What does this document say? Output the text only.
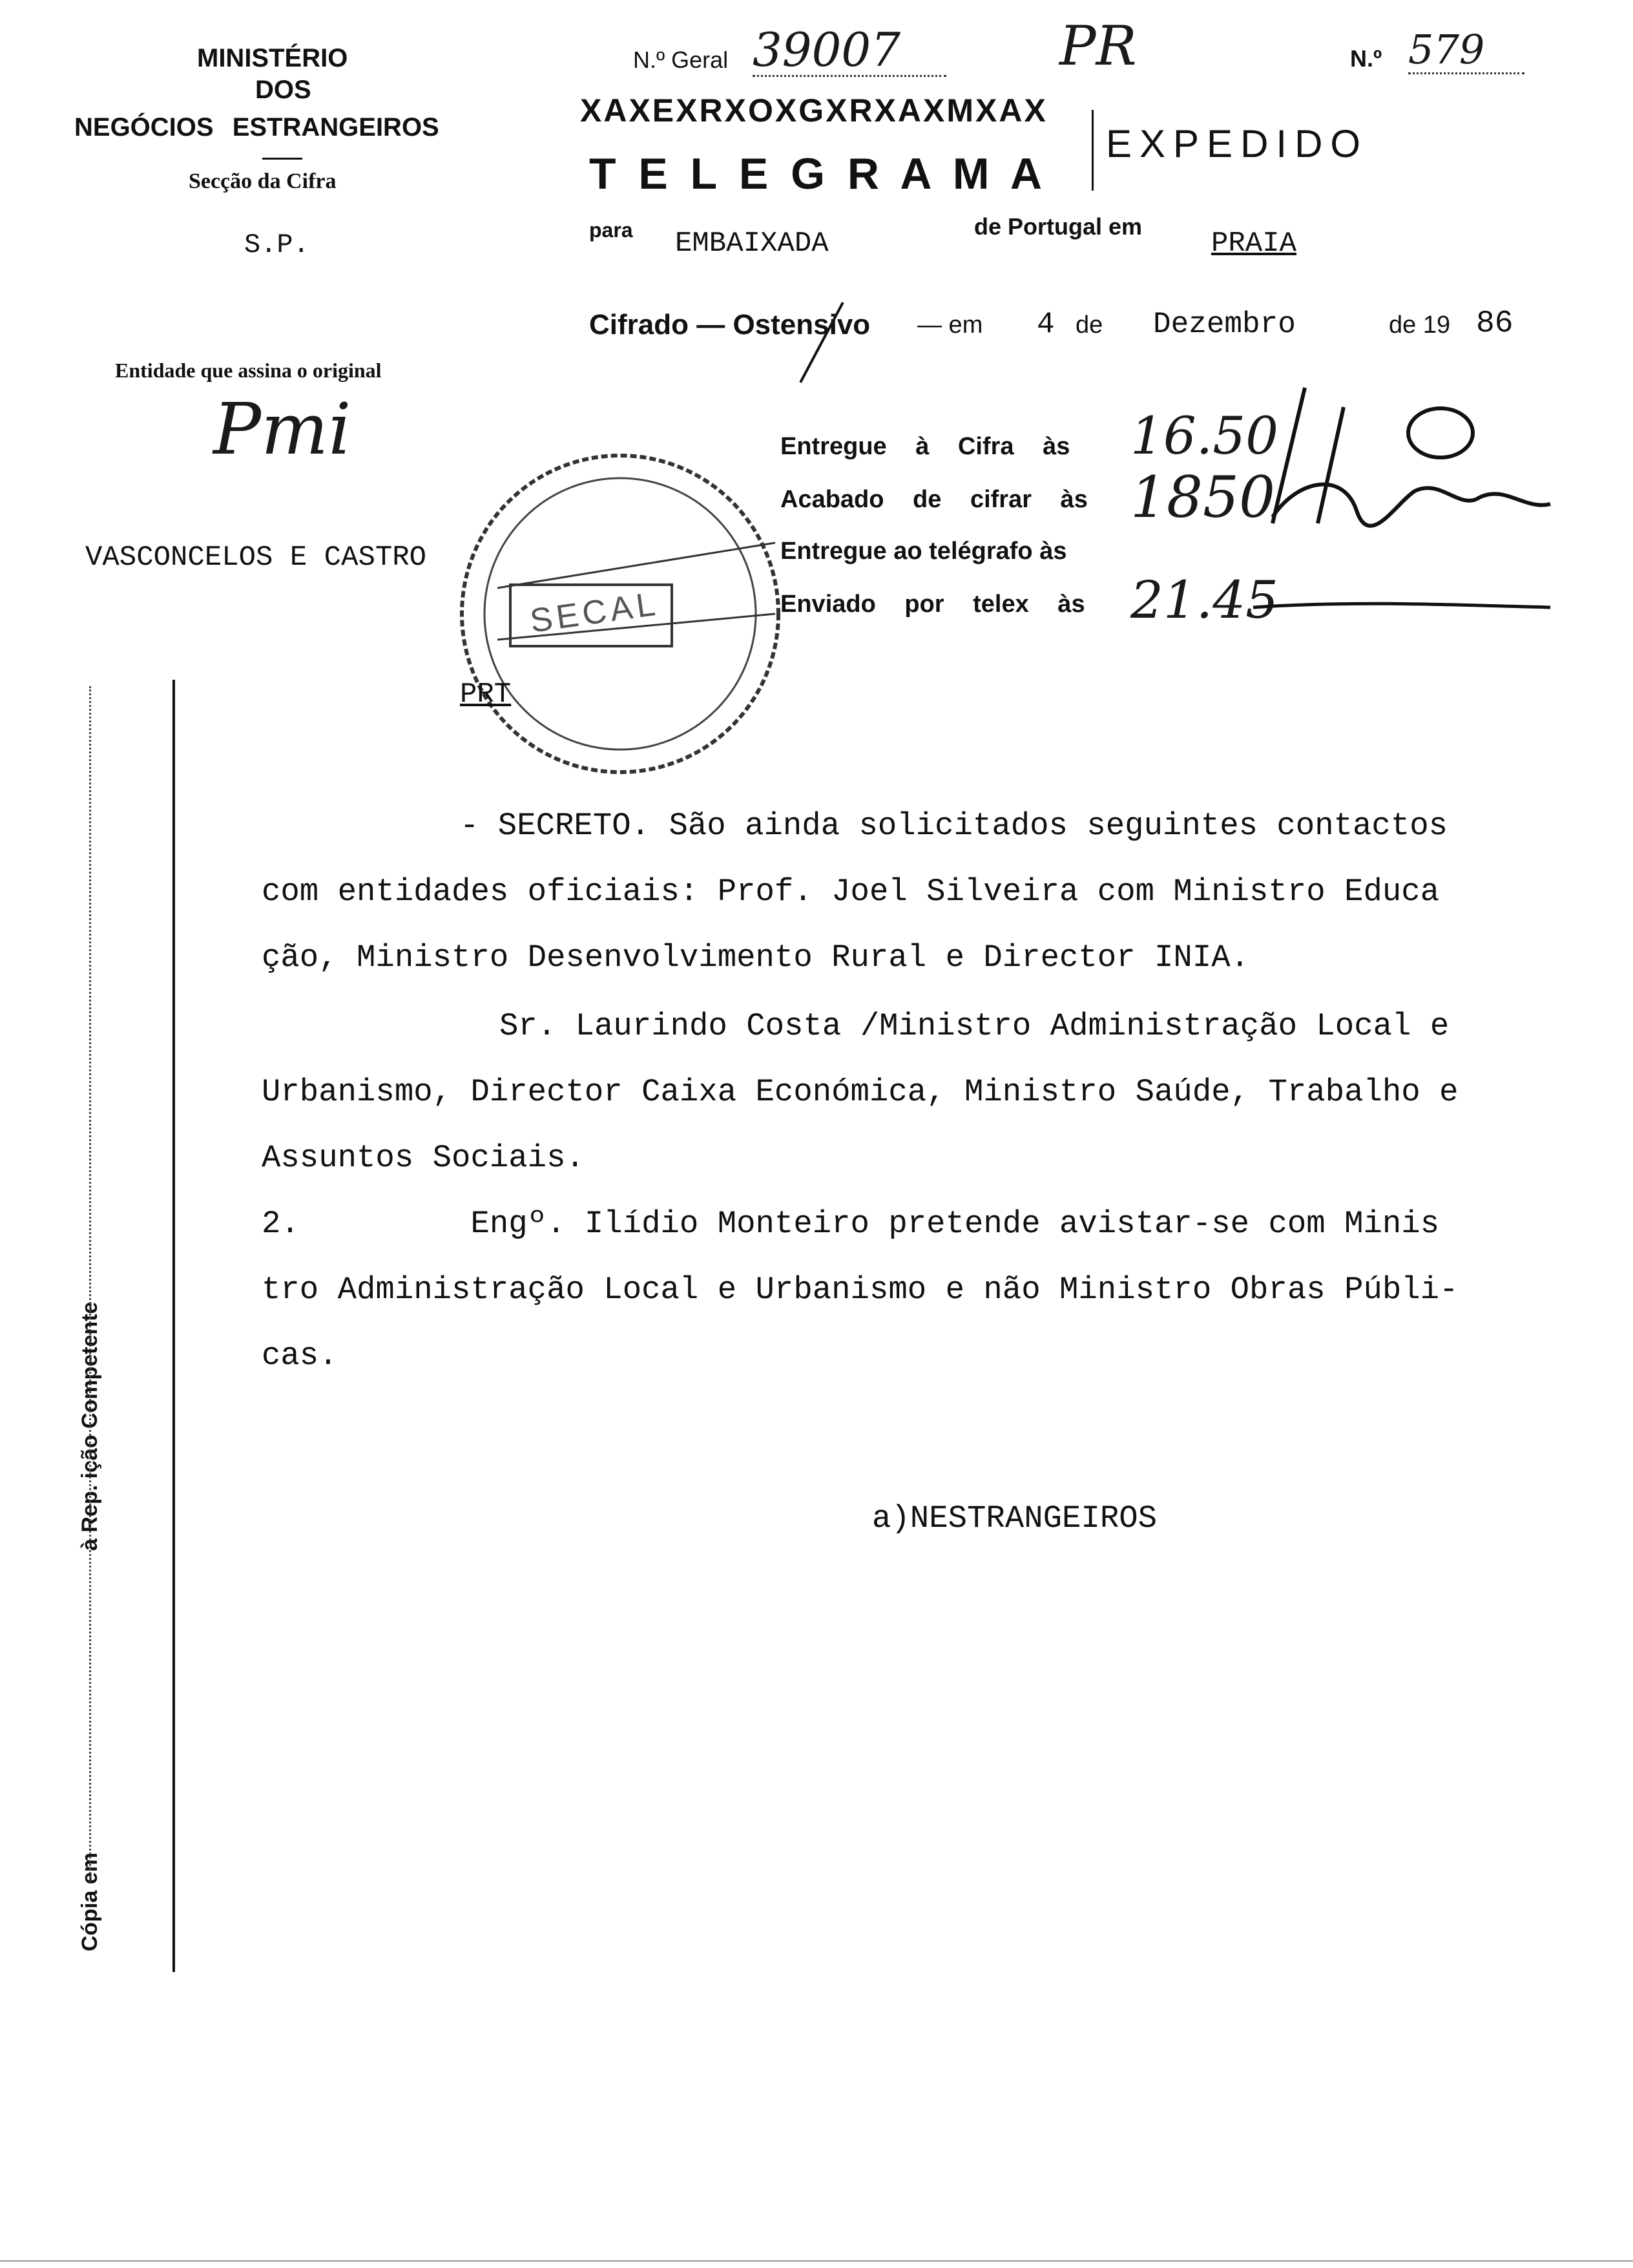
MINISTÉRIO
DOS
NEGÓCIOS ESTRANGEIROS
Secção da Cifra
S.P.
N.º Geral 39007	PR	N.º 579
XAXEXRXOXGXRXAXMXAX
T E L E G R A M A
EXPEDIDO
para EMBAIXADA
de Portugal em
PRAIA
Cifrado — Ostensivo — em 4 de Dezembro	de 19 86
Entidade que assina o original
Pmi
VASCONCELOS E CASTRO
Entregue à Cifra às 16.50
Acabado de cifrar às 1850
Entregue ao telégrafo às
Enviado por telex às 21.45
SECAL
PRT
à Rep. ição Competente
Cópia em
- SECRETO. São ainda solicitados seguintes contactos
com entidades oficiais: Prof. Joel Silveira com Ministro Educa
ção, Ministro Desenvolvimento Rural e Director INIA.
Sr. Laurindo Costa /Ministro Administração Local e
Urbanismo, Director Caixa Económica, Ministro Saúde, Trabalho e
Assuntos Sociais.
2.         Engº. Ilídio Monteiro pretende avistar-se com Minis
tro Administração Local e Urbanismo e não Ministro Obras Públi-
cas.
a)NESTRANGEIROS
